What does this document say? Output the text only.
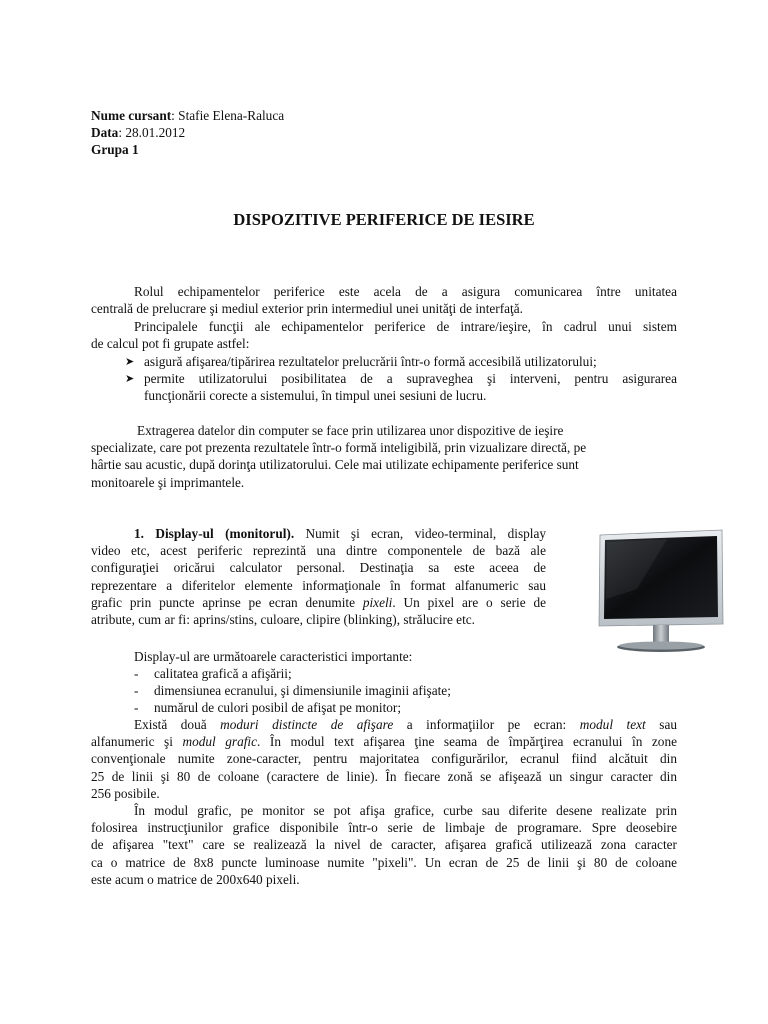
Nume cursant: Stafie Elena-Raluca
Data: 28.01.2012
Grupa 1
DISPOZITIVE PERIFERICE DE IESIRE
Rolul echipamentelor periferice este acela de a asigura comunicarea între unitatea
centrală de prelucrare şi mediul exterior prin intermediul unei unităţi de interfaţă.
Principalele funcţii ale echipamentelor periferice de intrare/ieşire, în cadrul unui sistem
de calcul pot fi grupate astfel:
➤ asigură afişarea/tipărirea rezultatelor prelucrării într-o formă accesibilă utilizatorului;
➤ permite utilizatorului posibilitatea de a supraveghea şi interveni, pentru asigurarea
funcţionării corecte a sistemului, în timpul unei sesiuni de lucru.
Extragerea datelor din computer se face prin utilizarea unor dispozitive de ieşire
specializate, care pot prezenta rezultatele într-o formă inteligibilă, prin vizualizare directă, pe
hârtie sau acustic, după dorinţa utilizatorului. Cele mai utilizate echipamente periferice sunt
monitoarele şi imprimantele.
1. Display-ul (monitorul). Numit şi ecran, video-terminal, display
video etc, acest periferic reprezintă una dintre componentele de bază ale
configuraţiei oricărui calculator personal. Destinaţia sa este aceea de
reprezentare a diferitelor elemente informaţionale în format alfanumeric sau
grafic prin puncte aprinse pe ecran denumite pixeli. Un pixel are o serie de
atribute, cum ar fi: aprins/stins, culoare, clipire (blinking), strălucire etc.
Display-ul are următoarele caracteristici importante:
- calitatea grafică a afişării;
- dimensiunea ecranului, şi dimensiunile imaginii afişate;
- numărul de culori posibil de afişat pe monitor;
Există două moduri distincte de afişare a informaţiilor pe ecran: modul text sau
alfanumeric şi modul grafic. În modul text afişarea ţine seama de împărţirea ecranului în zone
convenţionale numite zone-caracter, pentru majoritatea configurărilor, ecranul fiind alcătuit din
25 de linii şi 80 de coloane (caractere de linie). În fiecare zonă se afişează un singur caracter din
256 posibile.
În modul grafic, pe monitor se pot afişa grafice, curbe sau diferite desene realizate prin
folosirea instrucţiunilor grafice disponibile într-o serie de limbaje de programare. Spre deosebire
de afişarea "text" care se realizează la nivel de caracter, afişarea grafică utilizează zona caracter
ca o matrice de 8x8 puncte luminoase numite "pixeli". Un ecran de 25 de linii şi 80 de coloane
este acum o matrice de 200x640 pixeli.
